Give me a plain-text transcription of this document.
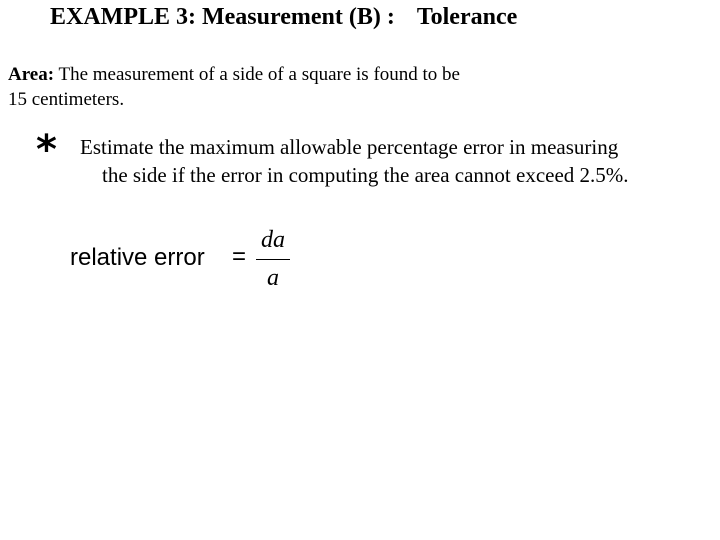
EXAMPLE 3: Measurement (B) : Tolerance
Area: The measurement of a side of a square is found to be
15 centimeters.
* Estimate the maximum allowable percentage error in measuring
the side if the error in computing the area cannot exceed 2.5%.
relative error =
da
a
